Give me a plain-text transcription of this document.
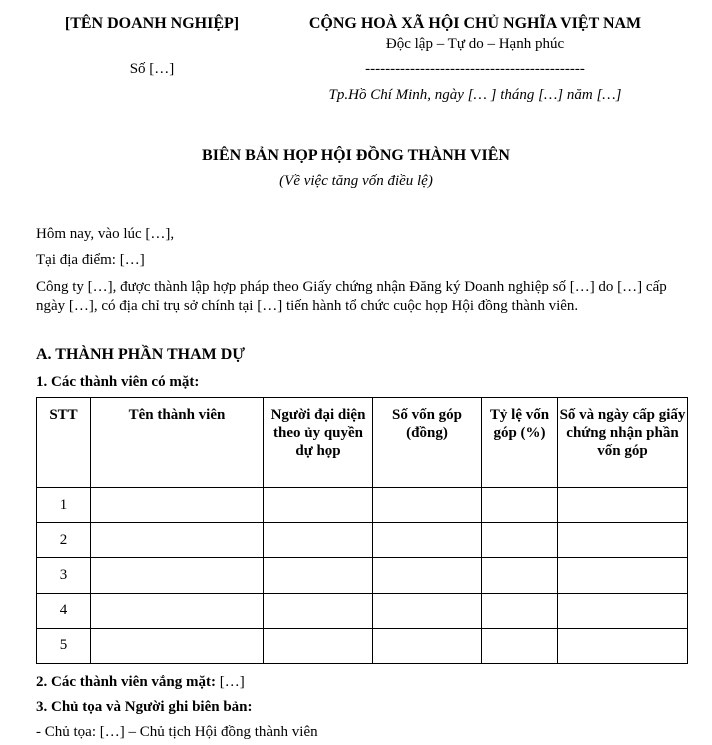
[TÊN DOANH NGHIỆP]
Số […]
CỘNG HOÀ XÃ HỘI CHỦ NGHĨA VIỆT NAM
Độc lập – Tự do – Hạnh phúc
--------------------------------------------
Tp.Hồ Chí Minh, ngày [… ] tháng […] năm […]
BIÊN BẢN HỌP HỘI ĐỒNG THÀNH VIÊN
(Về việc tăng vốn điều lệ)
Hôm nay, vào lúc […],
Tại địa điểm: […]
Công ty […], được thành lập hợp pháp theo Giấy chứng nhận Đăng ký Doanh nghiệp số […] do […] cấp ngày […], có địa chỉ trụ sở chính tại […] tiến hành tổ chức cuộc họp Hội đồng thành viên.
A. THÀNH PHẦN THAM DỰ
1. Các thành viên có mặt:
STT	Tên thành viên	Người đại diện theo ủy quyền dự họp	Số vốn góp (đồng)	Tỷ lệ vốn góp (%)	Số và ngày cấp giấy chứng nhận phần vốn góp
1					
2					
3					
4					
5					
2. Các thành viên vắng mặt: […]
3. Chủ tọa và Người ghi biên bản:
- Chủ tọa: […] – Chủ tịch Hội đồng thành viên
